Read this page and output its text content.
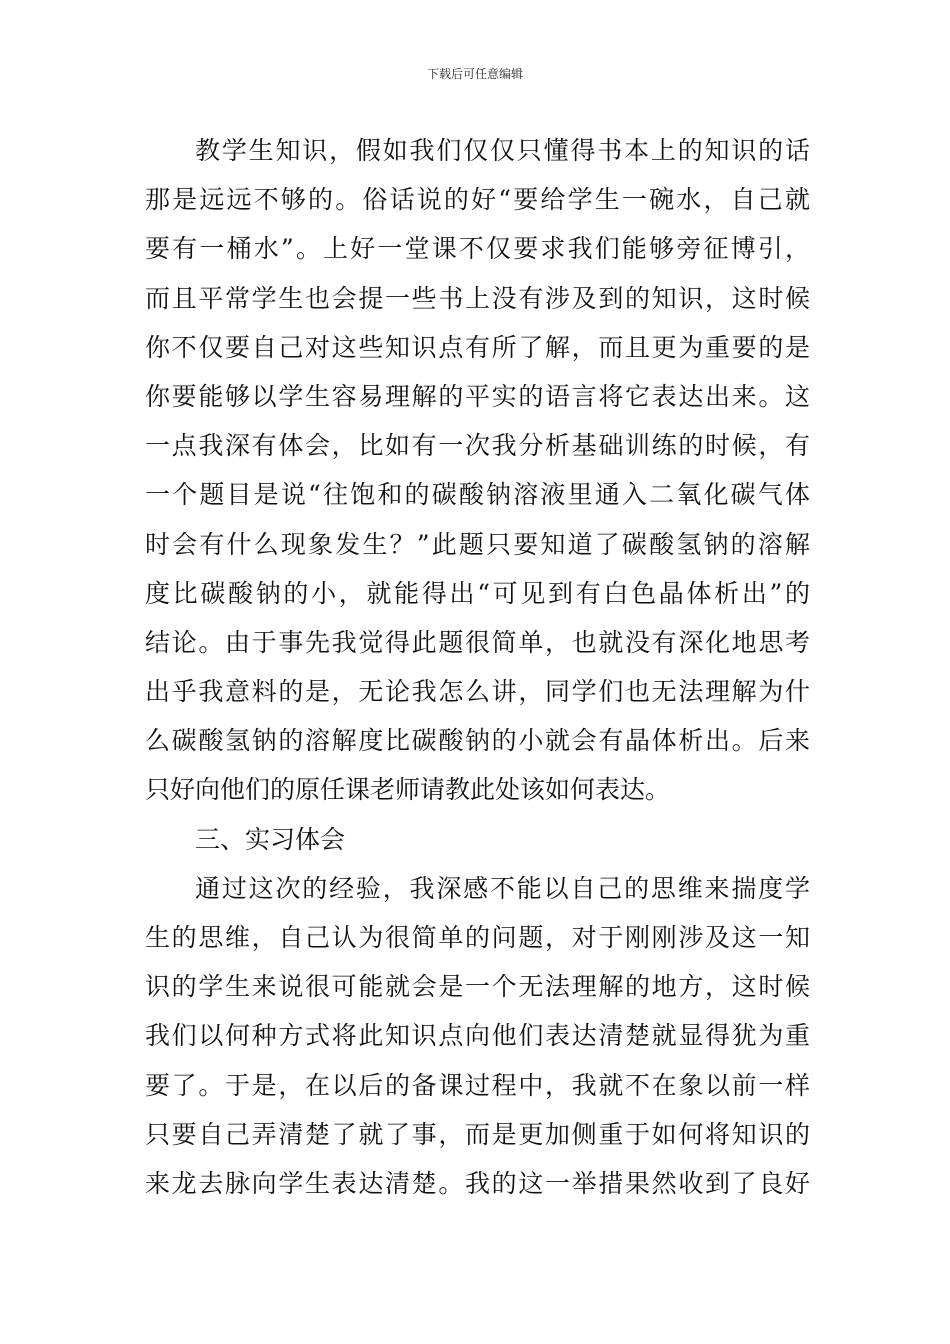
下载后可任意编辑
教学生知识，假如我们仅仅只懂得书本上的知识的话
那是远远不够的。俗话说的好“要给学生一碗水，自己就
要有一桶水”。上好一堂课不仅要求我们能够旁征博引，
而且平常学生也会提一些书上没有涉及到的知识，这时候
你不仅要自己对这些知识点有所了解，而且更为重要的是
你要能够以学生容易理解的平实的语言将它表达出来。这
一点我深有体会，比如有一次我分析基础训练的时候，有
一个题目是说“往饱和的碳酸钠溶液里通入二氧化碳气体
时会有什么现象发生？”此题只要知道了碳酸氢钠的溶解
度比碳酸钠的小，就能得出“可见到有白色晶体析出”的
结论。由于事先我觉得此题很简单，也就没有深化地思考
出乎我意料的是，无论我怎么讲，同学们也无法理解为什
么碳酸氢钠的溶解度比碳酸钠的小就会有晶体析出。后来
只好向他们的原任课老师请教此处该如何表达。
三、实习体会
通过这次的经验，我深感不能以自己的思维来揣度学
生的思维，自己认为很简单的问题，对于刚刚涉及这一知
识的学生来说很可能就会是一个无法理解的地方，这时候
我们以何种方式将此知识点向他们表达清楚就显得犹为重
要了。于是，在以后的备课过程中，我就不在象以前一样
只要自己弄清楚了就了事，而是更加侧重于如何将知识的
来龙去脉向学生表达清楚。我的这一举措果然收到了良好
